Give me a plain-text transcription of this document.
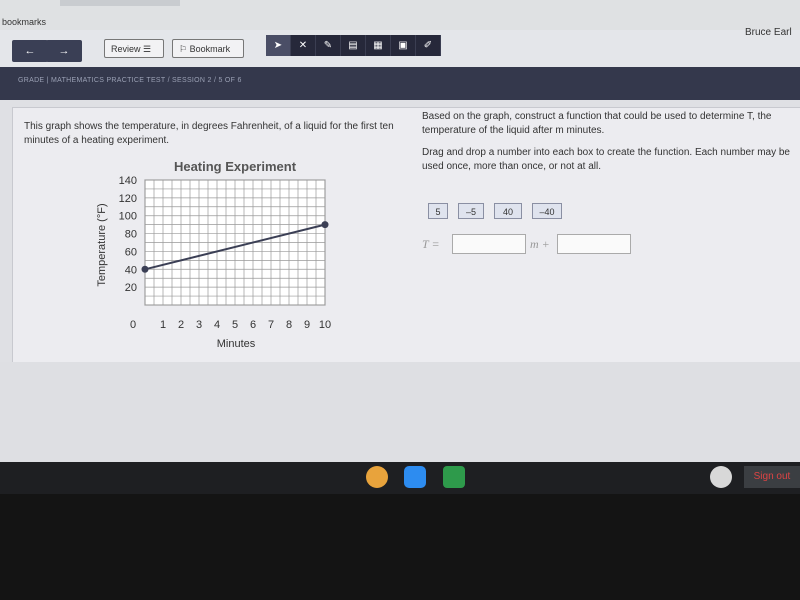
bookmarks
←	→	Review ☰	⚐ Bookmark	➤	✕	✎	▤	▦	▣	✐
Bruce Earl
GRADE | MATHEMATICS PRACTICE TEST / SESSION 2 / 5 OF 6
This graph shows the temperature, in degrees Fahrenheit, of a liquid for the first ten minutes of a heating experiment.

Based on the graph, construct a function that could be used to determine T, the temperature of the liquid after m minutes.

Drag and drop a number into each box to create the function. Each number may be used once, more than once, or not at all.

5	–5	40	–40
T =	m +
0 1 2 3 4 5 6 7 8 9 10
20
40
60
80
100
120
140
Heating Experiment
Minutes
Temperature (°F)
Sign out
